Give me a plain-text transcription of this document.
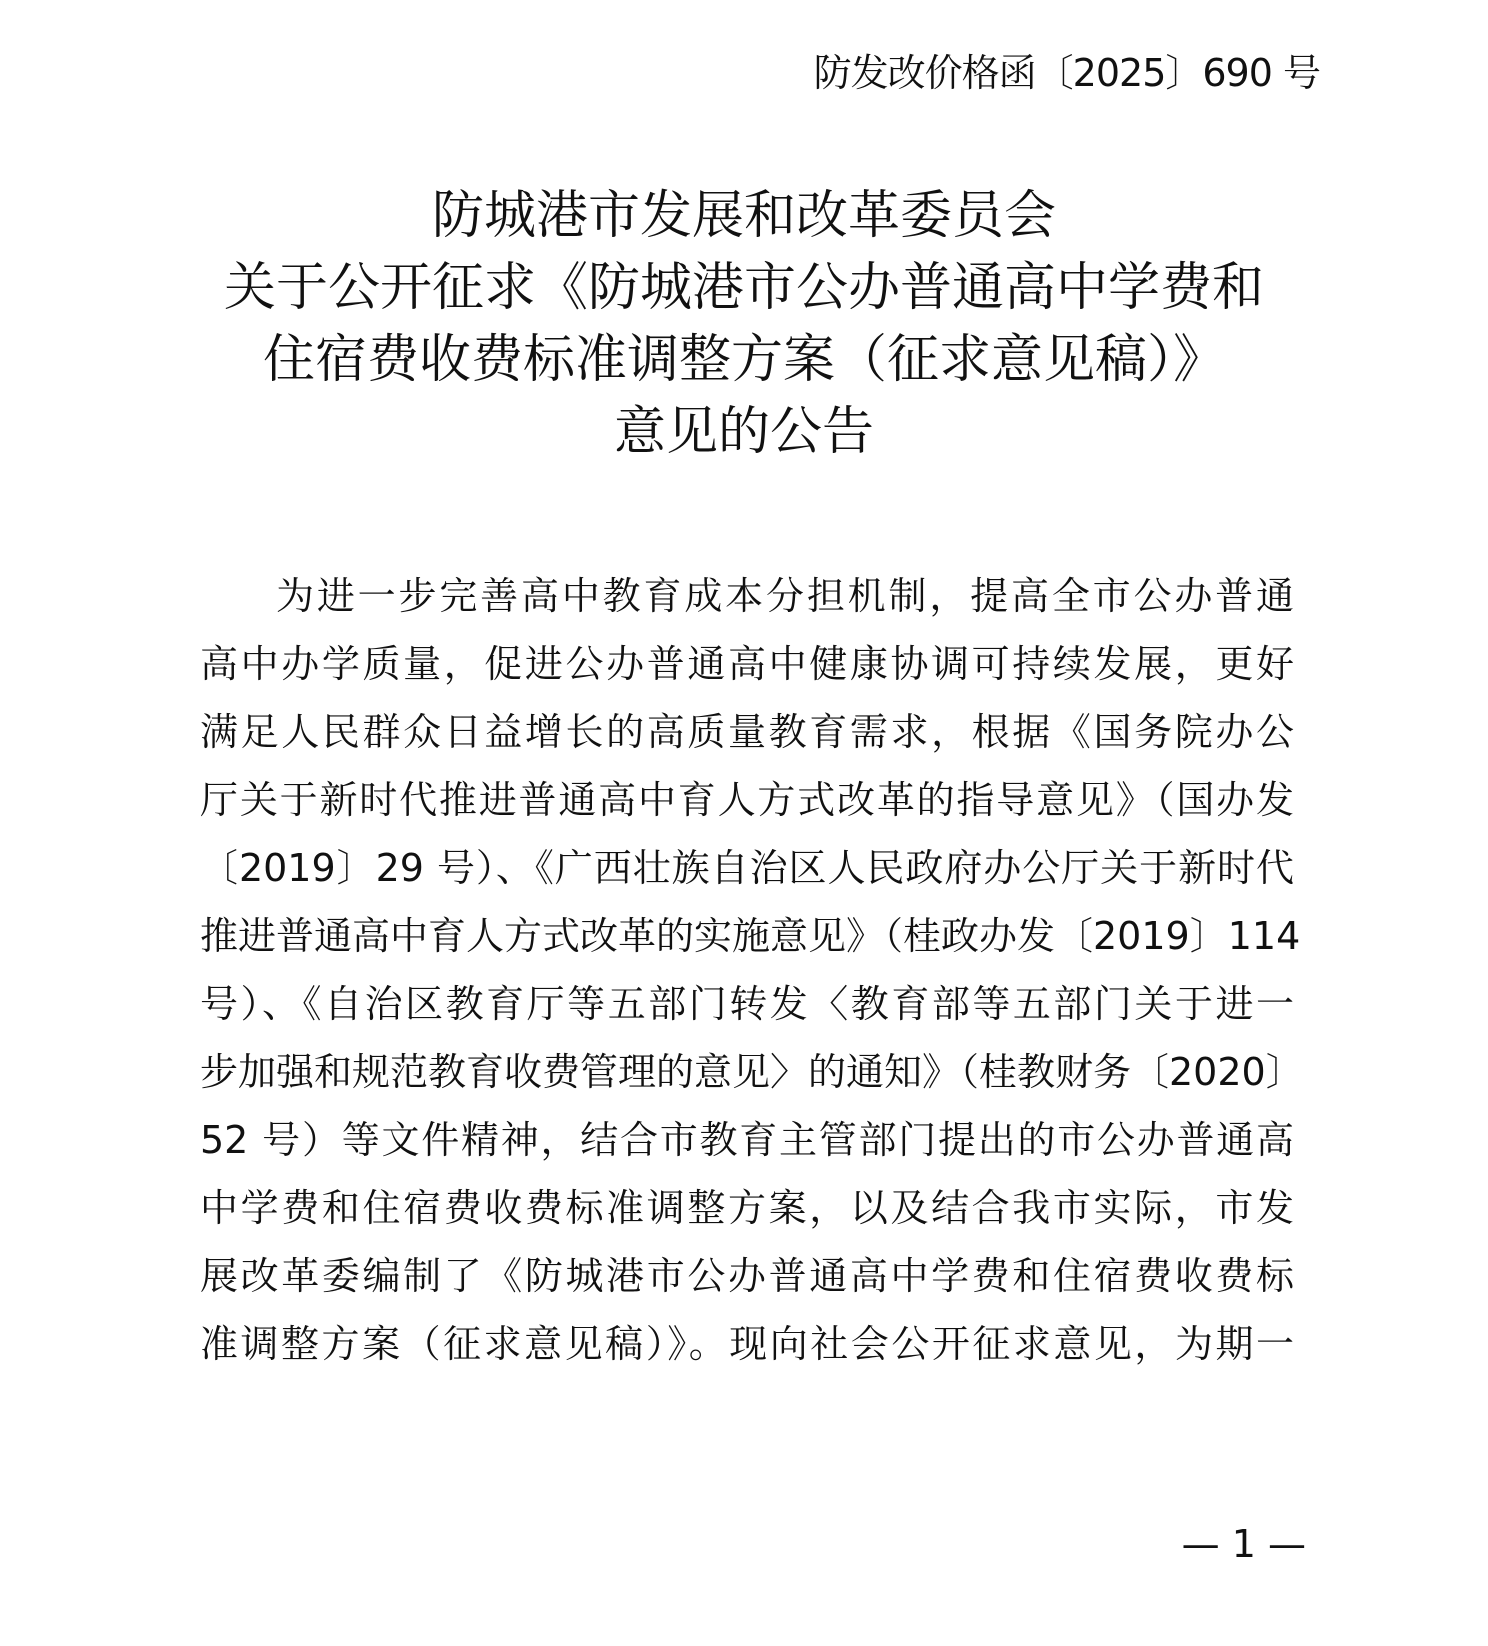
防发改价格函〔2025〕690 号
防城港市发展和改革委员会
关于公开征求《防城港市公办普通高中学费和
住宿费收费标准调整方案（征求意见稿）》
意见的公告
为进一步完善高中教育成本分担机制，提高全市公办普通
高中办学质量，促进公办普通高中健康协调可持续发展，更好
满足人民群众日益增长的高质量教育需求，根据《国务院办公
厅关于新时代推进普通高中育人方式改革的指导意见》（国办发
〔2019〕29 号）、《广西壮族自治区人民政府办公厅关于新时代
推进普通高中育人方式改革的实施意见》（桂政办发〔2019〕114
号）、《自治区教育厅等五部门转发〈教育部等五部门关于进一
步加强和规范教育收费管理的意见〉的通知》（桂教财务〔2020〕
52 号）等文件精神，结合市教育主管部门提出的市公办普通高
中学费和住宿费收费标准调整方案，以及结合我市实际，市发
展改革委编制了《防城港市公办普通高中学费和住宿费收费标
准调整方案（征求意见稿）》。现向社会公开征求意见，为期一
— 1 —
